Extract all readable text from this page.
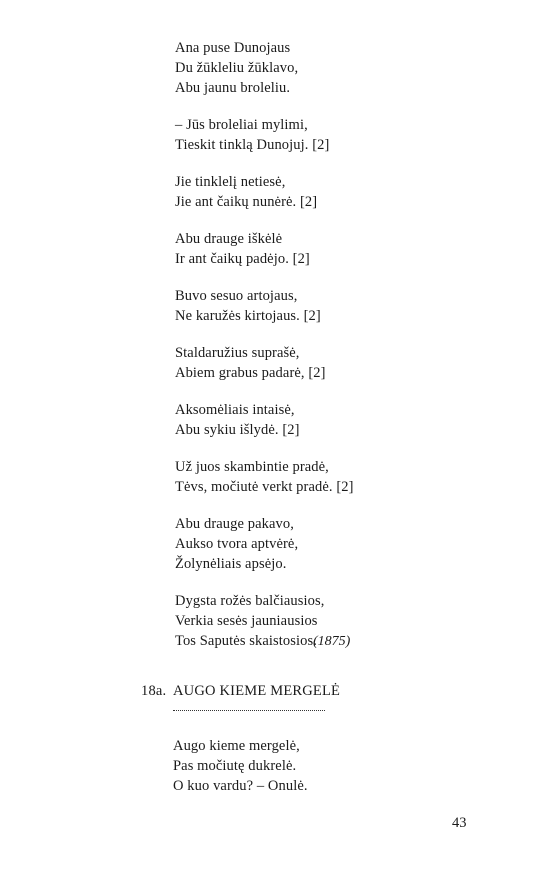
Ana puse Dunojaus
Du žūkleliu žūklavo,
Abu jaunu broleliu.
– Jūs broleliai mylimi,
Tieskit tinklą Dunojuj. [2]
Jie tinklelį netiesė,
Jie ant čaikų nunėrė. [2]
Abu drauge iškėlė
Ir ant čaikų padėjo. [2]
Buvo sesuo artojaus,
Ne karužės kirtojaus. [2]
Staldaružius suprašė,
Abiem grabus padarė, [2]
Aksomėliais intaisė,
Abu sykiu išlydė. [2]
Už juos skambintie pradė,
Tėvs, močiutė verkt pradė. [2]
Abu drauge pakavo,
Aukso tvora aptvėrė,
Žolynėliais apsėjo.
Dygsta rožės balčiausios,
Verkia sesės jauniausios
Tos Saputės skaistosios.
(1875)
18a. AUGO KIEME MERGELĖ
Augo kieme mergelė,
Pas močiutę dukrelė.
O kuo vardu? – Onulė.
43
